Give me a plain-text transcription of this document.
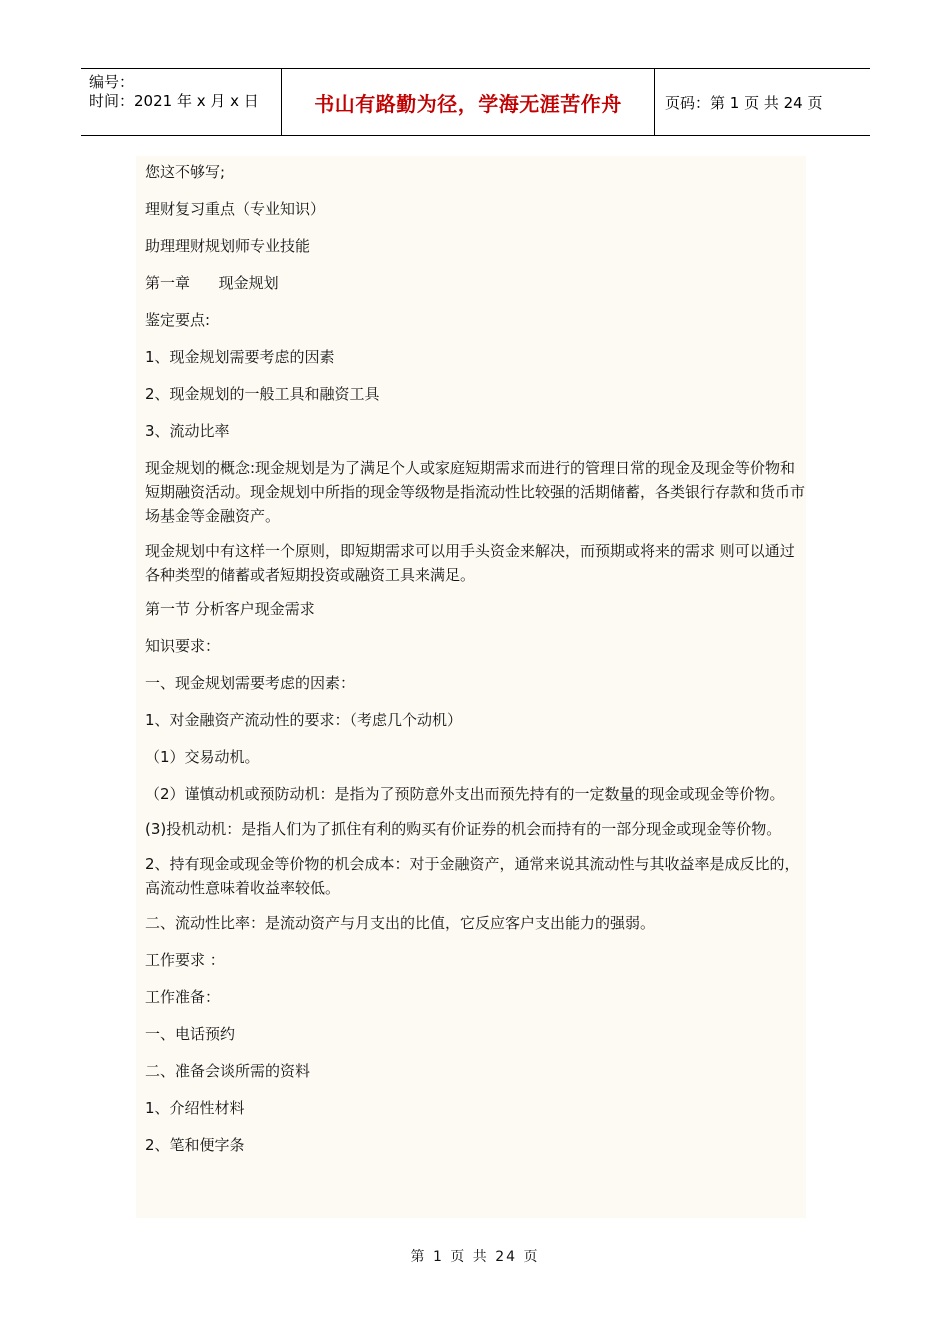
编号：
时间：2021 年 x 月 x 日	书山有路勤为径，学海无涯苦作舟	页码：第 1 页 共 24 页

您这不够写;

理财复习重点（专业知识）

助理理财规划师专业技能

第一章      现金规划

鉴定要点:

1、现金规划需要考虑的因素

2、现金规划的一般工具和融资工具

3、流动比率

现金规划的概念:现金规划是为了满足个人或家庭短期需求而进行的管理日常的现金及现金等价物和短期融资活动。现金规划中所指的现金等级物是指流动性比较强的活期储蓄，各类银行存款和货币市场基金等金融资产。

现金规划中有这样一个原则，即短期需求可以用手头资金来解决，而预期或将来的需求 则可以通过各种类型的储蓄或者短期投资或融资工具来满足。

第一节 分析客户现金需求

知识要求：

一、现金规划需要考虑的因素：

1、对金融资产流动性的要求：（考虑几个动机）

（1）交易动机。

（2）谨慎动机或预防动机：是指为了预防意外支出而预先持有的一定数量的现金或现金等价物。

(3)投机动机：是指人们为了抓住有利的购买有价证券的机会而持有的一部分现金或现金等价物。

2、持有现金或现金等价物的机会成本：对于金融资产，通常来说其流动性与其收益率是成反比的，高流动性意味着收益率较低。

二、流动性比率：是流动资产与月支出的比值，它反应客户支出能力的强弱。

工作要求 ：

工作准备：

一、电话预约

二、准备会谈所需的资料

1、介绍性材料

2、笔和便字条

第 1 页 共 24 页
